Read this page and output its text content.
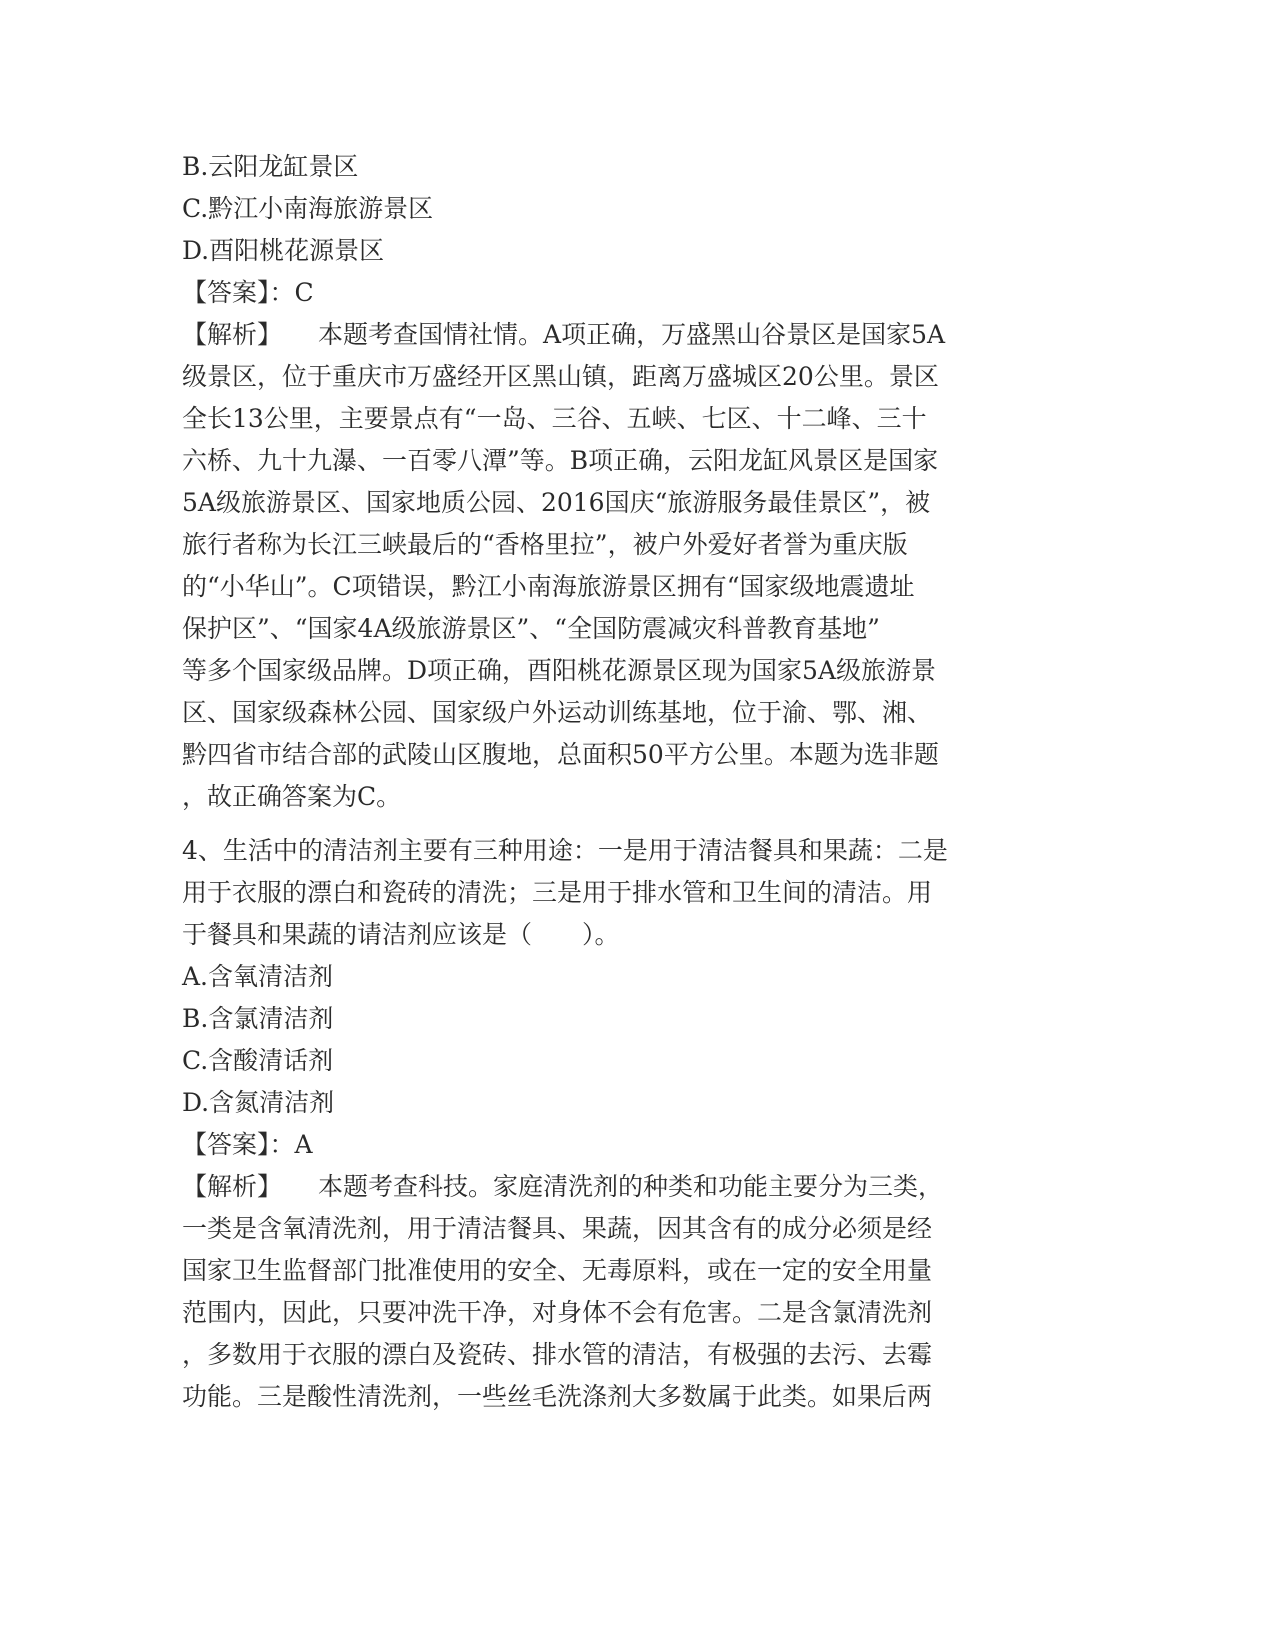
B.云阳龙缸景区
C.黔江小南海旅游景区
D.酉阳桃花源景区
【答案】：C
【解析】 本题考查国情社情。A项正确，万盛黑山谷景区是国家5A
级景区，位于重庆市万盛经开区黑山镇，距离万盛城区20公里。景区
全长13公里，主要景点有“一岛、三谷、五峡、七区、十二峰、三十
六桥、九十九瀑、一百零八潭”等。B项正确，云阳龙缸风景区是国家
5A级旅游景区、国家地质公园、2016国庆“旅游服务最佳景区”，被
旅行者称为长江三峡最后的“香格里拉”，被户外爱好者誉为重庆版
的“小华山”。C项错误，黔江小南海旅游景区拥有“国家级地震遗址
保护区”、“国家4A级旅游景区”、“全国防震减灾科普教育基地”
等多个国家级品牌。D项正确，酉阳桃花源景区现为国家5A级旅游景
区、国家级森林公园、国家级户外运动训练基地，位于渝、鄂、湘、
黔四省市结合部的武陵山区腹地，总面积50平方公里。本题为选非题
，故正确答案为C。
4、生活中的清洁剂主要有三种用途：一是用于清洁餐具和果蔬：二是
用于衣服的漂白和瓷砖的清洗；三是用于排水管和卫生间的清洁。用
于餐具和果蔬的请洁剂应该是（　　）。
A.含氧清洁剂
B.含氯清洁剂
C.含酸清话剂
D.含氮清洁剂
【答案】：A
【解析】 本题考查科技。家庭清洗剂的种类和功能主要分为三类，
一类是含氧清洗剂，用于清洁餐具、果蔬，因其含有的成分必须是经
国家卫生监督部门批准使用的安全、无毒原料，或在一定的安全用量
范围内，因此，只要冲洗干净，对身体不会有危害。二是含氯清洗剂
，多数用于衣服的漂白及瓷砖、排水管的清洁，有极强的去污、去霉
功能。三是酸性清洗剂，一些丝毛洗涤剂大多数属于此类。如果后两
